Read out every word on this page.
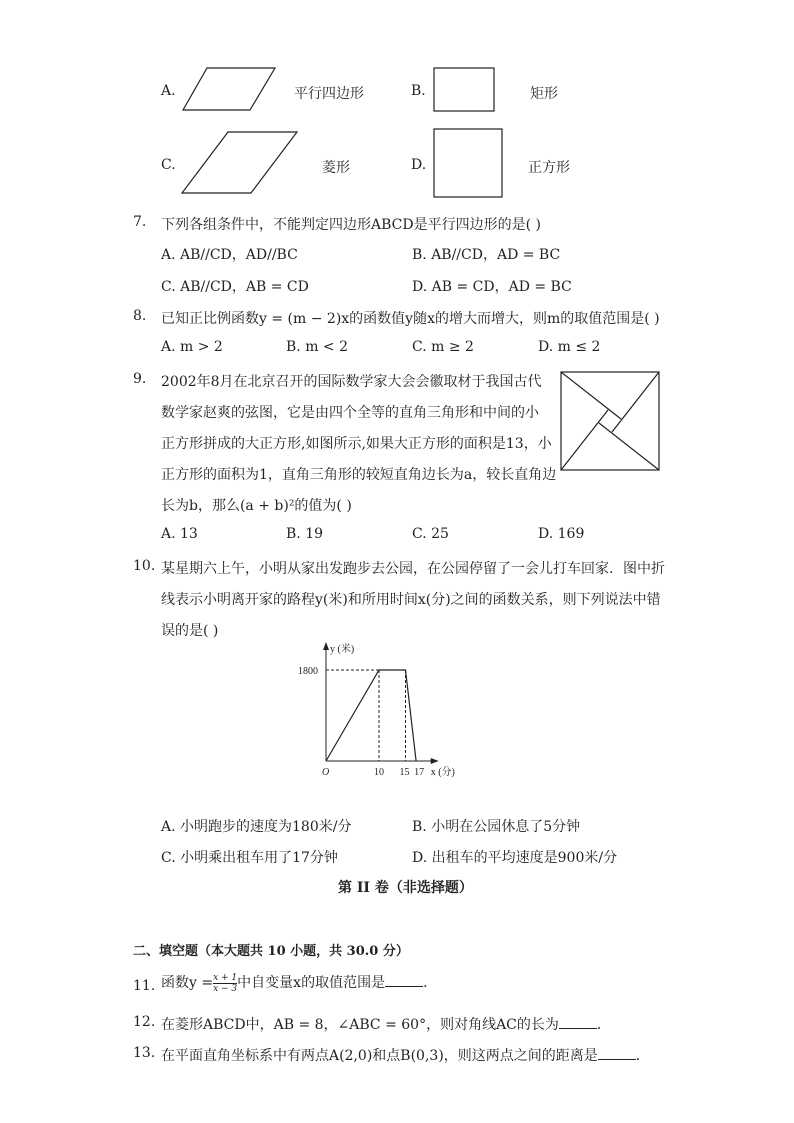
A.	平行四边形	B.	矩形
C.	菱形	D.	正方形
7. 下列各组条件中，不能判定四边形ABCD是平行四边形的是( )
A. AB//CD，AD//BC	B. AB//CD，AD = BC
C. AB//CD，AB = CD	D. AB = CD，AD = BC
8. 已知正比例函数y = (m − 2)x的函数值y随x的增大而增大，则m的取值范围是( )
A. m > 2	B. m < 2	C. m ≥ 2	D. m ≤ 2
9. 2002年8月在北京召开的国际数学家大会会徽取材于我国古代
数学家赵爽的弦图，它是由四个全等的直角三角形和中间的小
正方形拼成的大正方形,如图所示,如果大正方形的面积是13，小
正方形的面积为1，直角三角形的较短直角边长为a，较长直角边
长为b，那么(a + b)²的值为( )
A. 13	B. 19	C. 25	D. 169
10. 某星期六上午，小明从家出发跑步去公园，在公园停留了一会儿打车回家．图中折
线表示小明离开家的路程y(米)和所用时间x(分)之间的函数关系，则下列说法中错
误的是( )
O
y (米)
1800
10 15 17 x (分)
A. 小明跑步的速度为180米/分	B. 小明在公园休息了5分钟
C. 小明乘出租车用了17分钟	D. 出租车的平均速度是900米/分
第 II 卷（非选择题）
二、填空题（本大题共 10 小题，共 30.0 分）
11. 函数$y = \frac{x + 1}{x - 3}$ 中自变量x的取值范围是	．
12. 在菱形ABCD中，AB = 8，∠ABC = 60°，则对角线AC的长为	．
13. 在平面直角坐标系中有两点A(2,0)和点B(0,3)，则这两点之间的距离是	．
